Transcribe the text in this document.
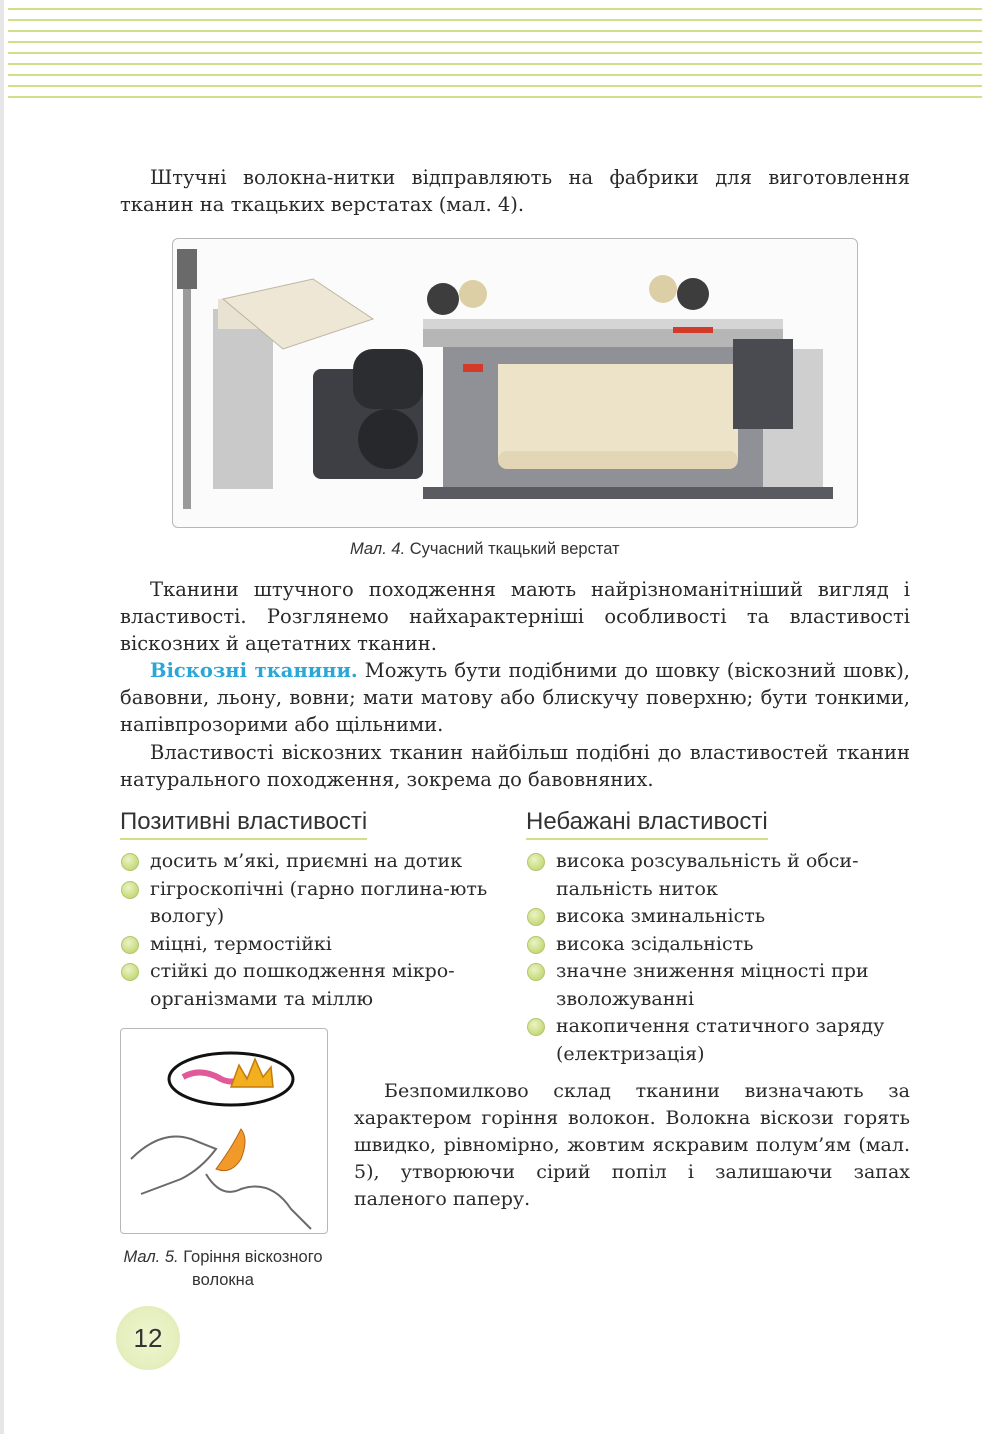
Штучні волокна-нитки відправляють на фабрики для виготовлення тканин на ткацьких верстатах (мал. 4).

Мал. 4. Сучасний ткацький верстат

Тканини штучного походження мають найрізноманітніший вигляд і властивості. Розглянемо найхарактерніші особливості та властивості віскозних й ацетатних тканин.

Віскозні тканини. Можуть бути подібними до шовку (віскозний шовк), бавовни, льону, вовни; мати матову або блискучу поверхню; бути тонкими, напівпрозорими або щільними.

Властивості віскозних тканин найбільш подібні до властивостей тканин натурального походження, зокрема до бавовняних.

Позитивні властивості
досить м’які, приємні на дотик
гігроскопічні (гарно поглина-ють вологу)
міцні, термостійкі
стійкі до пошкодження мікро-організмами та міллю
Небажані властивості
висока розсувальність й обси-пальність ниток
висока зминальність
висока зсідальність
значне зниження міцності при зволожуванні
накопичення статичного заряду (електризація)
Мал. 5. Горіння віскозного волокна

Безпомилково склад тканини визначають за характером горіння волокон. Волокна віскози горять швидко, рівномірно, жовтим яскравим полум’ям (мал. 5), утворюючи сірий попіл і залишаючи запах паленого паперу.

12
